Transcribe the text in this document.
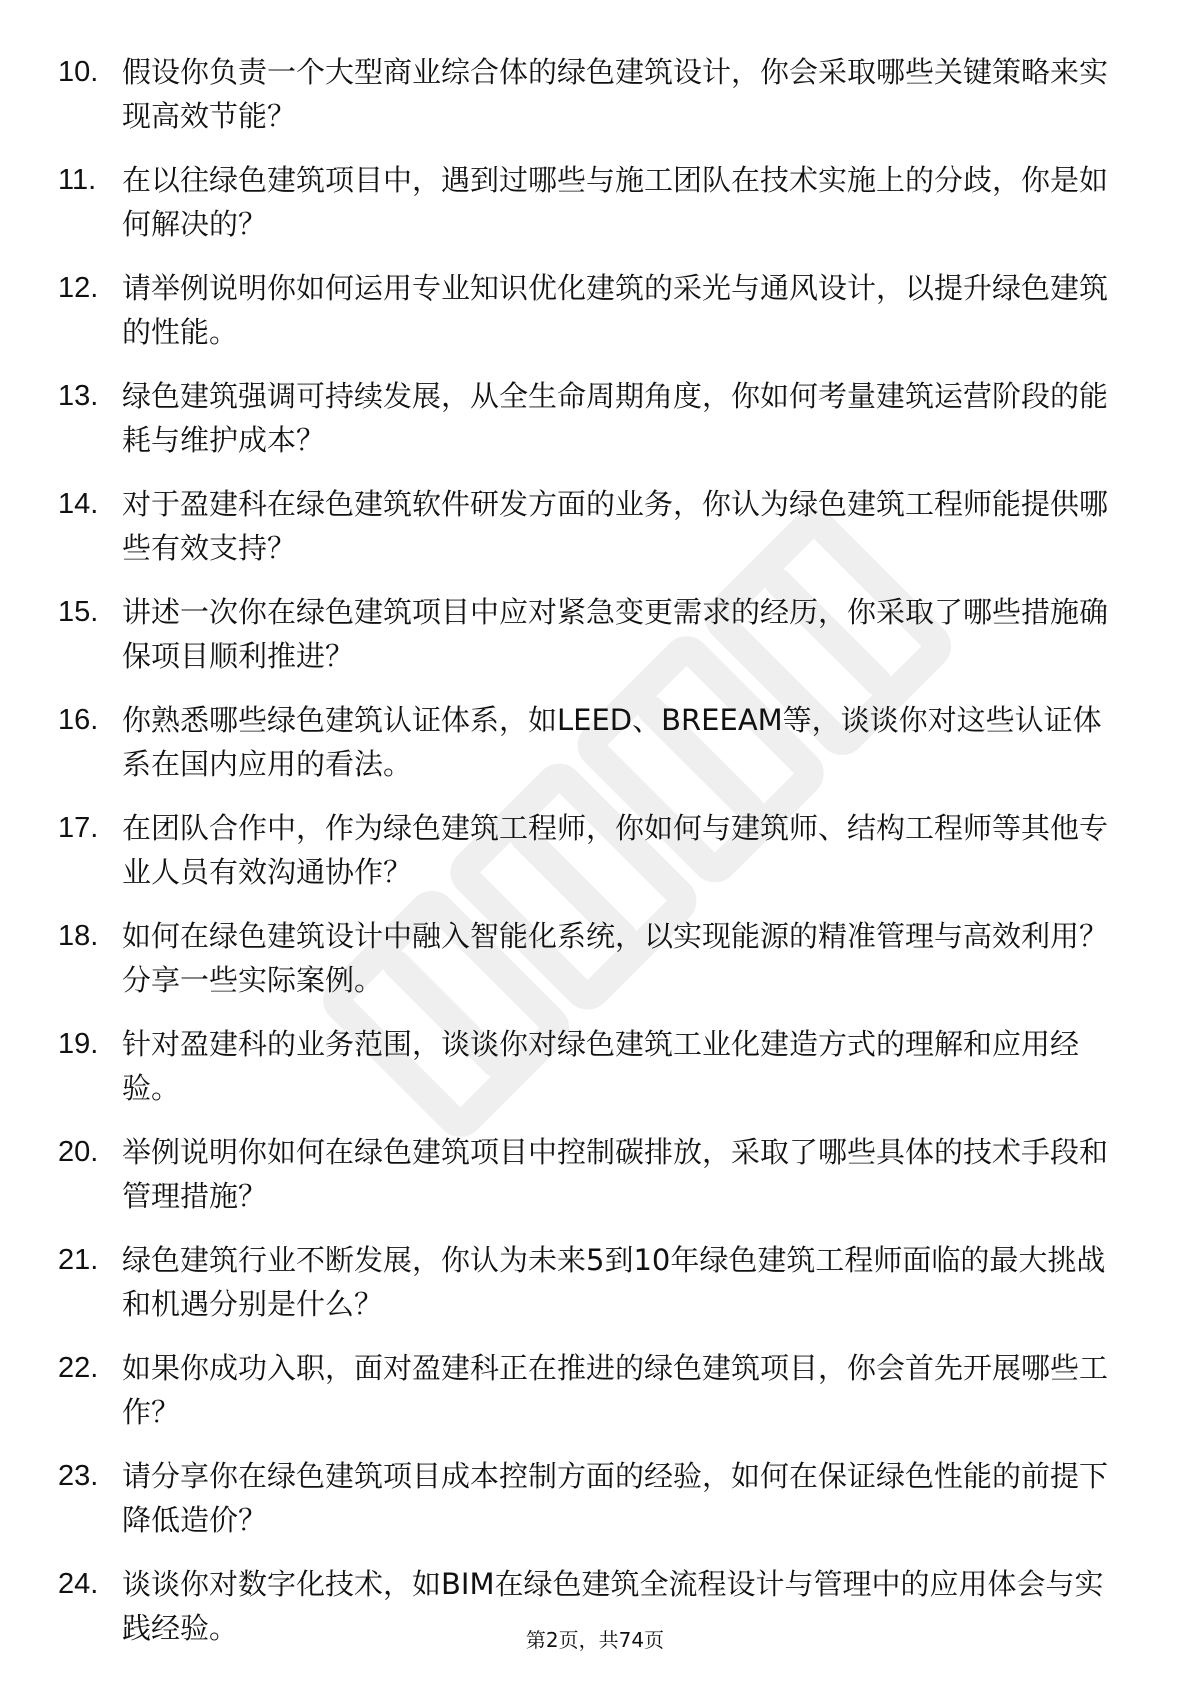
10. 假设你负责一个大型商业综合体的绿色建筑设计，你会采取哪些关键策略来实现高效节能？
11. 在以往绿色建筑项目中，遇到过哪些与施工团队在技术实施上的分歧，你是如何解决的？
12. 请举例说明你如何运用专业知识优化建筑的采光与通风设计，以提升绿色建筑的性能。
13. 绿色建筑强调可持续发展，从全生命周期角度，你如何考量建筑运营阶段的能耗与维护成本？
14. 对于盈建科在绿色建筑软件研发方面的业务，你认为绿色建筑工程师能提供哪些有效支持？
15. 讲述一次你在绿色建筑项目中应对紧急变更需求的经历，你采取了哪些措施确保项目顺利推进？
16. 你熟悉哪些绿色建筑认证体系，如LEED、BREEAM等，谈谈你对这些认证体系在国内应用的看法。
17. 在团队合作中，作为绿色建筑工程师，你如何与建筑师、结构工程师等其他专业人员有效沟通协作？
18. 如何在绿色建筑设计中融入智能化系统，以实现能源的精准管理与高效利用？分享一些实际案例。
19. 针对盈建科的业务范围，谈谈你对绿色建筑工业化建造方式的理解和应用经验。
20. 举例说明你如何在绿色建筑项目中控制碳排放，采取了哪些具体的技术手段和管理措施？
21. 绿色建筑行业不断发展，你认为未来5到10年绿色建筑工程师面临的最大挑战和机遇分别是什么？
22. 如果你成功入职，面对盈建科正在推进的绿色建筑项目，你会首先开展哪些工作？
23. 请分享你在绿色建筑项目成本控制方面的经验，如何在保证绿色性能的前提下降低造价？
24. 谈谈你对数字化技术，如BIM在绿色建筑全流程设计与管理中的应用体会与实践经验。	第2页，共74页
